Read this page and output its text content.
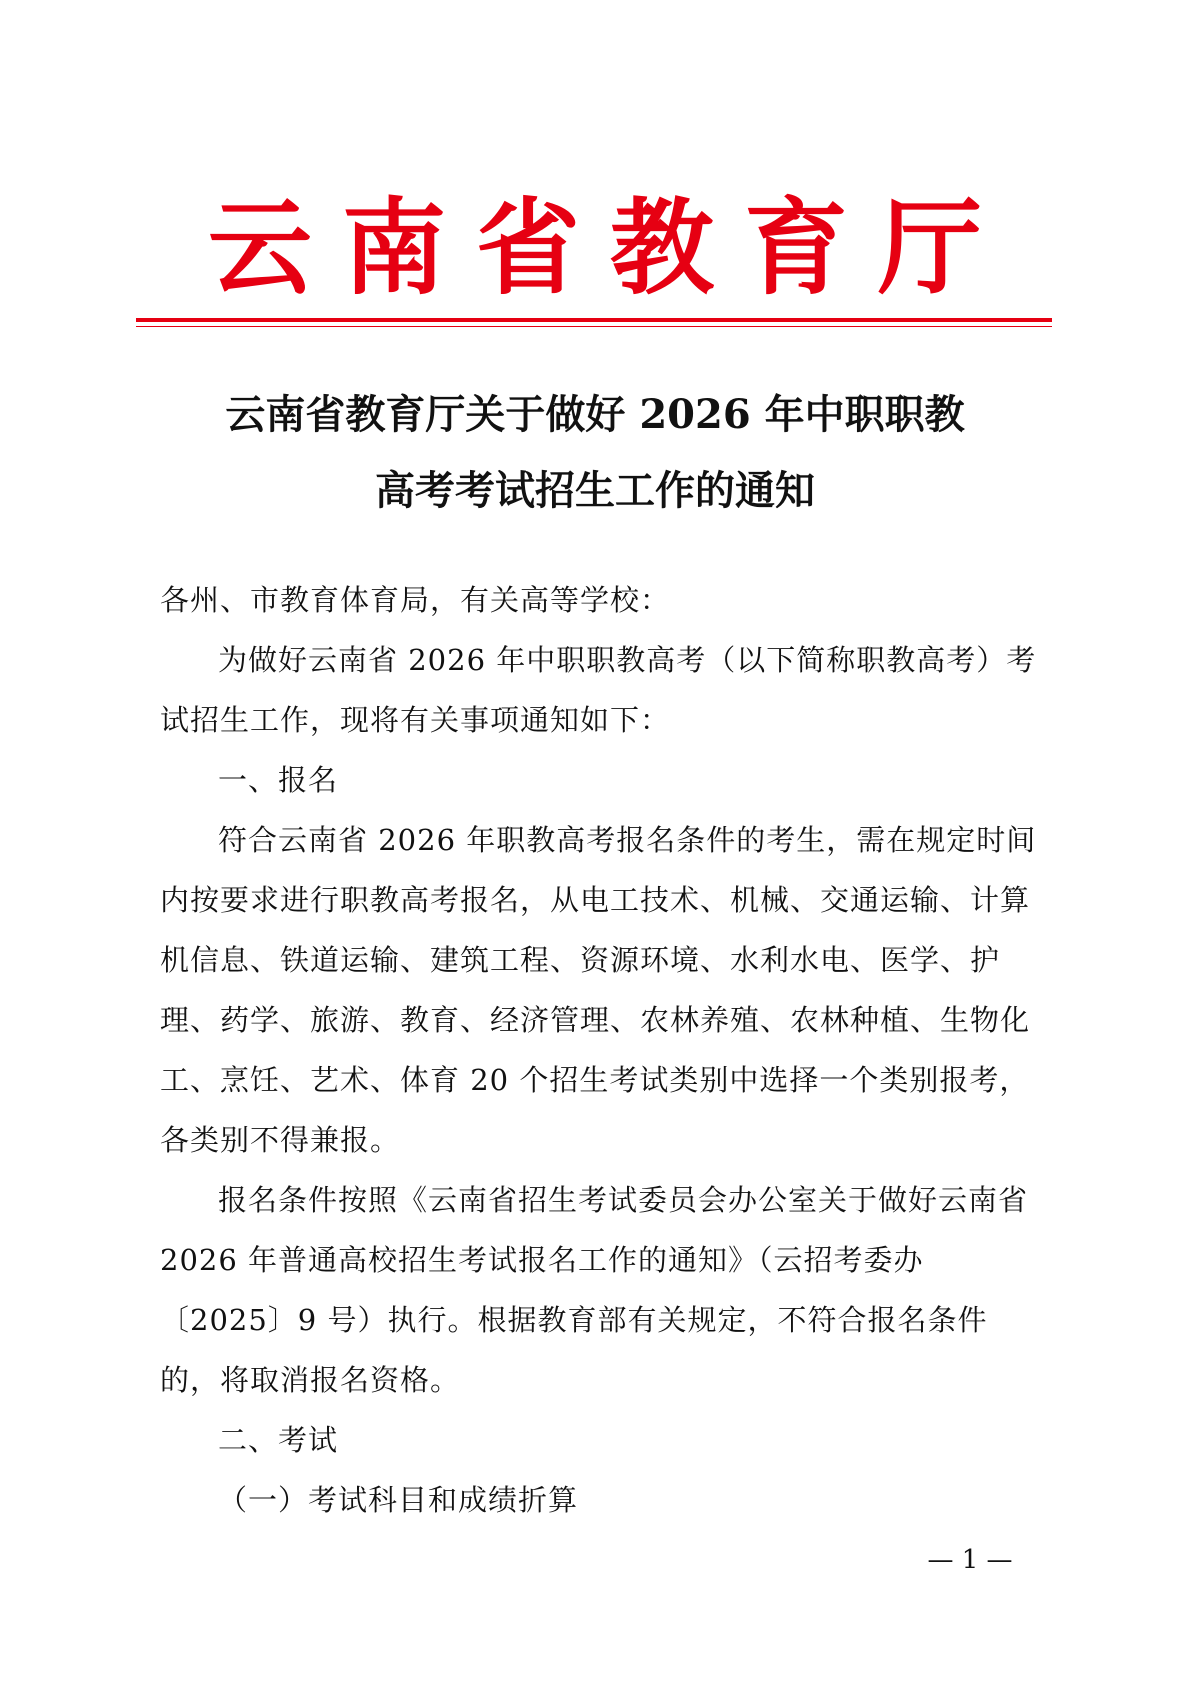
云南省教育厅
云南省教育厅关于做好 2026 年中职职教
高考考试招生工作的通知

各州、市教育体育局，有关高等学校：

为做好云南省 2026 年中职职教高考（以下简称职教高考）考试招生工作，现将有关事项通知如下：

一、报名

符合云南省 2026 年职教高考报名条件的考生，需在规定时间内按要求进行职教高考报名，从电工技术、机械、交通运输、计算机信息、铁道运输、建筑工程、资源环境、水利水电、医学、护理、药学、旅游、教育、经济管理、农林养殖、农林种植、生物化工、烹饪、艺术、体育 20 个招生考试类别中选择一个类别报考，各类别不得兼报。

报名条件按照《云南省招生考试委员会办公室关于做好云南省 2026 年普通高校招生考试报名工作的通知》（云招考委办〔2025〕9 号）执行。根据教育部有关规定，不符合报名条件的，将取消报名资格。

二、考试

（一）考试科目和成绩折算

— 1 —
